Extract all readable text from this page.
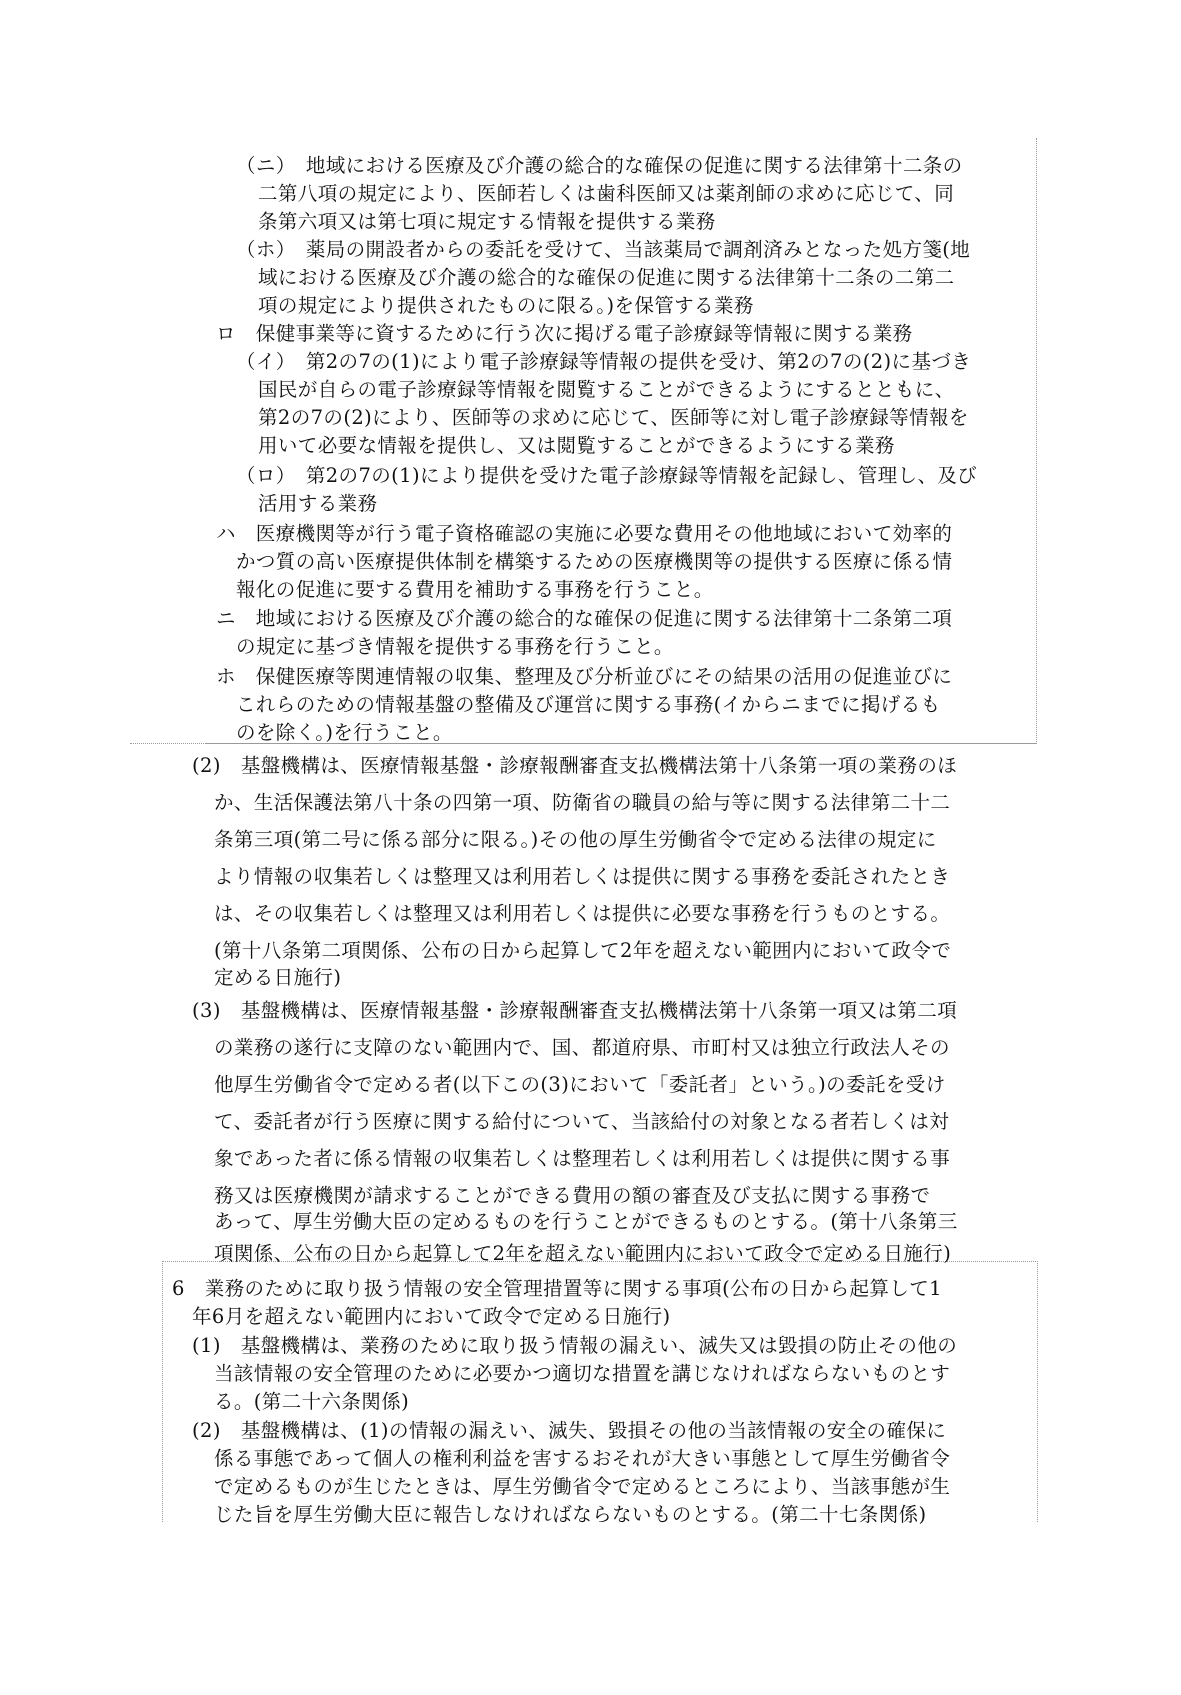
（ニ）　地域における医療及び介護の総合的な確保の促進に関する法律第十二条の
二第八項の規定により、医師若しくは歯科医師又は薬剤師の求めに応じて、同
条第六項又は第七項に規定する情報を提供する業務
（ホ）　薬局の開設者からの委託を受けて、当該薬局で調剤済みとなった処方箋(地
域における医療及び介護の総合的な確保の促進に関する法律第十二条の二第二
項の規定により提供されたものに限る。)を保管する業務
ロ　保健事業等に資するために行う次に掲げる電子診療録等情報に関する業務
（イ）　第2の7の(1)により電子診療録等情報の提供を受け、第2の7の(2)に基づき
国民が自らの電子診療録等情報を閲覧することができるようにするとともに、
第2の7の(2)により、医師等の求めに応じて、医師等に対し電子診療録等情報を
用いて必要な情報を提供し、又は閲覧することができるようにする業務
（ロ）　第2の7の(1)により提供を受けた電子診療録等情報を記録し、管理し、及び
活用する業務
ハ　医療機関等が行う電子資格確認の実施に必要な費用その他地域において効率的
かつ質の高い医療提供体制を構築するための医療機関等の提供する医療に係る情
報化の促進に要する費用を補助する事務を行うこと。
ニ　地域における医療及び介護の総合的な確保の促進に関する法律第十二条第二項
の規定に基づき情報を提供する事務を行うこと。
ホ　保健医療等関連情報の収集、整理及び分析並びにその結果の活用の促進並びに
これらのための情報基盤の整備及び運営に関する事務(イからニまでに掲げるも
のを除く。)を行うこと。
(2)　基盤機構は、医療情報基盤・診療報酬審査支払機構法第十八条第一項の業務のほ
か、生活保護法第八十条の四第一項、防衛省の職員の給与等に関する法律第二十二
条第三項(第二号に係る部分に限る。)その他の厚生労働省令で定める法律の規定に
より情報の収集若しくは整理又は利用若しくは提供に関する事務を委託されたとき
は、その収集若しくは整理又は利用若しくは提供に必要な事務を行うものとする。
(第十八条第二項関係、公布の日から起算して2年を超えない範囲内において政令で
定める日施行)
(3)　基盤機構は、医療情報基盤・診療報酬審査支払機構法第十八条第一項又は第二項
の業務の遂行に支障のない範囲内で、国、都道府県、市町村又は独立行政法人その
他厚生労働省令で定める者(以下この(3)において「委託者」という。)の委託を受け
て、委託者が行う医療に関する給付について、当該給付の対象となる者若しくは対
象であった者に係る情報の収集若しくは整理若しくは利用若しくは提供に関する事
務又は医療機関が請求することができる費用の額の審査及び支払に関する事務で
あって、厚生労働大臣の定めるものを行うことができるものとする。(第十八条第三
項関係、公布の日から起算して2年を超えない範囲内において政令で定める日施行)
6　業務のために取り扱う情報の安全管理措置等に関する事項(公布の日から起算して1
年6月を超えない範囲内において政令で定める日施行)
(1)　基盤機構は、業務のために取り扱う情報の漏えい、滅失又は毀損の防止その他の
当該情報の安全管理のために必要かつ適切な措置を講じなければならないものとす
る。(第二十六条関係)
(2)　基盤機構は、(1)の情報の漏えい、滅失、毀損その他の当該情報の安全の確保に
係る事態であって個人の権利利益を害するおそれが大きい事態として厚生労働省令
で定めるものが生じたときは、厚生労働省令で定めるところにより、当該事態が生
じた旨を厚生労働大臣に報告しなければならないものとする。(第二十七条関係)
